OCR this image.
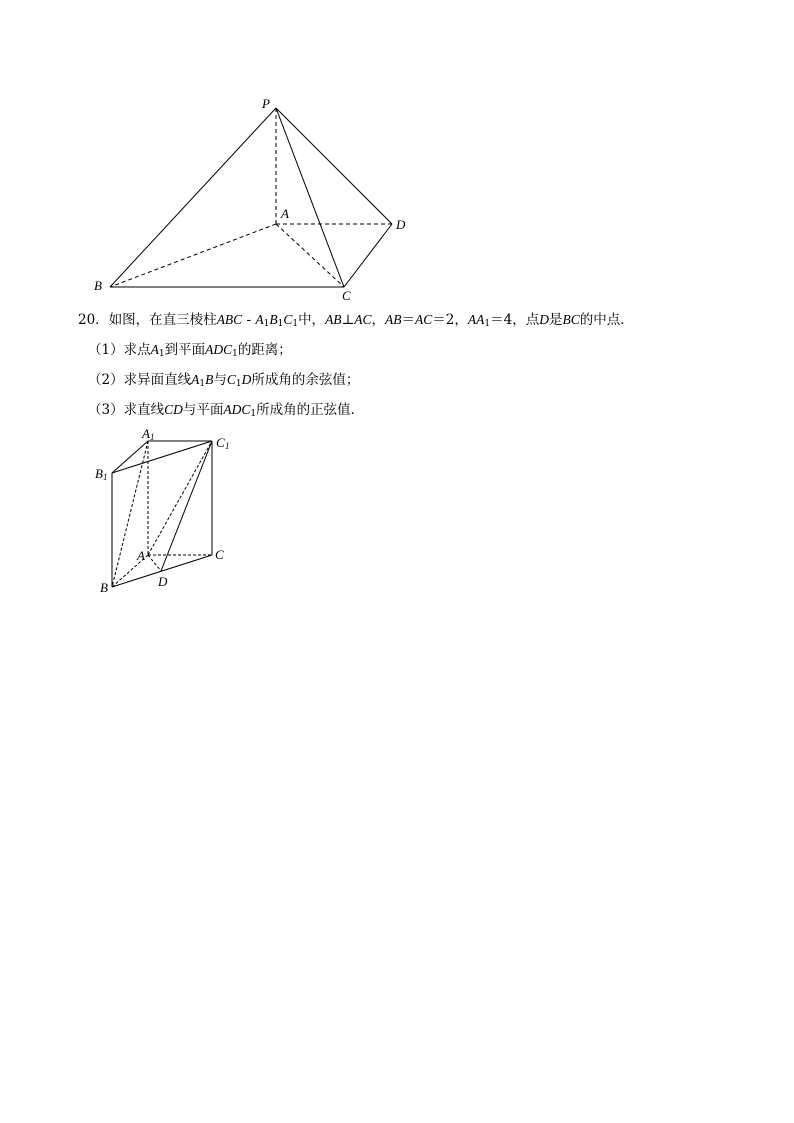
P
A
D
B
C
20．如图，在直三棱柱ABC - $A_1B_1C_1$中，AB⊥AC，AB＝AC＝2，$AA_1=4$，点D是BC的中点．
（1）求点$A_1$到平面$ADC_1$的距离；
（2）求异面直线$A_1B$与$C_1D$所成角的余弦值；
（3）求直线CD与平面$ADC_1$所成角的正弦值．
A 1	C 1
B 1
A	C
D
B
